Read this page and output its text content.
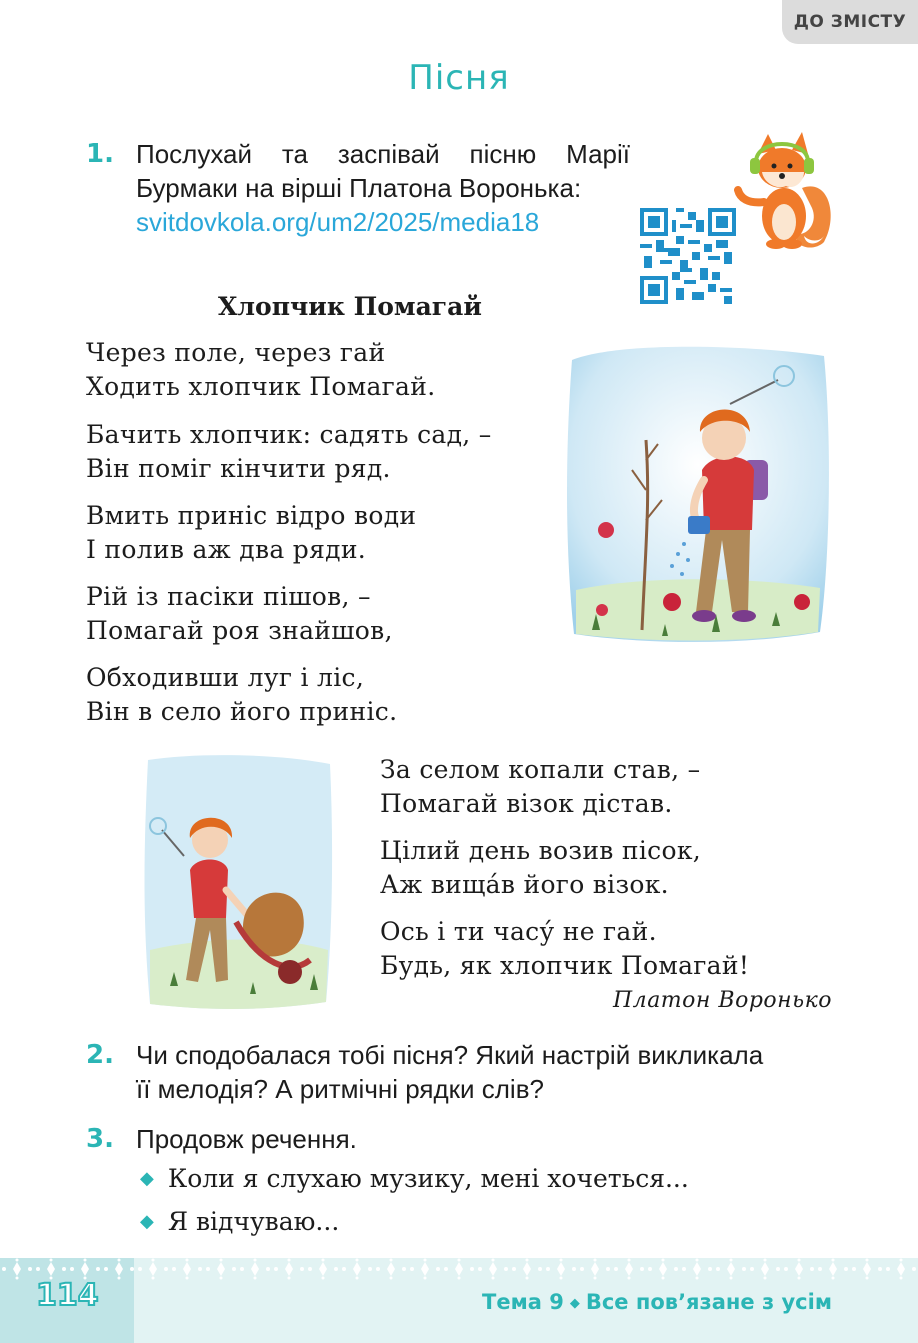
ДО ЗМІСТУ
Пісня
1. Послухай та заспівай пісню Марії Бурмаки на вірші Платона Воронька:
svitdovkola.org/um2/2025/media18
Хлопчик Помагай
Через поле, через гай
Ходить хлопчик Помагай.
Бачить хлопчик: садять сад, –
Він поміг кінчити ряд.
Вмить приніс відро води
І полив аж два ряди.
Рій із пасіки пішов, –
Помагай роя знайшов,
Обходивши луг і ліс,
Він в село його приніс.
За селом копали став, –
Помагай візок дістав.
Цілий день возив пісок,
Аж вища́в його візок.
Ось і ти часу́ не гай.
Будь, як хлопчик Помагай!
Платон Воронько
2. Чи сподобалася тобі пісня? Який настрій викликала
її мелодія? А ритмічні рядки слів?
3. Продовж речення.
◆ Коли я слухаю музику, мені хочеться...
◆ Я відчуваю...
114	Тема 9 ◆ Все пов’язане з усім
